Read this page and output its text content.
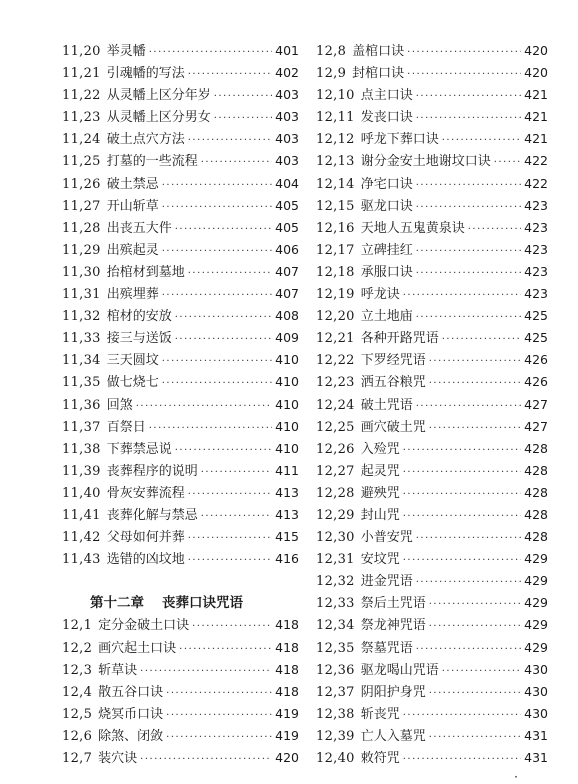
11,20 举灵幡 ·····	401
11,21 引魂幡的写法 ·····	402
11,22 从灵幡上区分年岁 ·····	403
11,23 从灵幡上区分男女 ·····	403
11,24 破土点穴方法 ·····	403
11,25 打墓的一些流程 ·····	403
11,26 破土禁忌 ·····	404
11,27 开山斩草 ·····	405
11,28 出丧五大件 ·····	405
11,29 出殡起灵 ·····	406
11,30 抬棺材到墓地 ·····	407
11,31 出殡埋葬 ·····	407
11,32 棺材的安放 ·····	408
11,33 接三与送饭 ·····	409
11,34 三天圆坟 ·····	410
11,35 做七烧七 ·····	410
11,36 回煞 ·····	410
11,37 百祭日 ·····	410
11,38 下葬禁忌说 ·····	410
11,39 丧葬程序的说明 ·····	411
11,40 骨灰安葬流程 ·····	413
11,41 丧葬化解与禁忌 ·····	413
11,42 父母如何并葬 ·····	415
11,43 选错的凶坟地 ·····	416
第十二章 丧葬口诀咒语
12,1 定分金破土口诀 ·····	418
12,2 画穴起土口诀 ·····	418
12,3 斩草诀 ·····	418
12,4 散五谷口诀 ·····	418
12,5 烧冥币口诀 ·····	419
12,6 除煞、闭敛 ·····	419
12,7 装穴诀 ·····	420
12,8 盖棺口诀 ·····	420
12,9 封棺口诀 ·····	420
12,10 点主口诀 ·····	421
12,11 发丧口诀 ·····	421
12,12 呼龙下葬口诀 ·····	421
12,13 谢分金安土地谢坟口诀 ·····	422
12,14 净宅口诀 ·····	422
12,15 驱龙口诀 ·····	423
12,16 天地人五鬼黄泉诀 ·····	423
12,17 立碑挂红 ·····	423
12,18 承服口诀 ·····	423
12,19 呼龙诀 ·····	423
12,20 立土地庙 ·····	425
12,21 各种开路咒语 ·····	425
12,22 下罗经咒语 ·····	426
12,23 洒五谷粮咒 ·····	426
12,24 破土咒语 ·····	427
12,25 画穴破土咒 ·····	427
12,26 入殓咒 ·····	428
12,27 起灵咒 ·····	428
12,28 避殃咒 ·····	428
12,29 封山咒 ·····	428
12,30 小普安咒 ·····	428
12,31 安坟咒 ·····	429
12,32 进金咒语 ·····	429
12,33 祭后土咒语 ·····	429
12,34 祭龙神咒语 ·····	429
12,35 祭墓咒语 ·····	429
12,36 驱龙喝山咒语 ·····	430
12,37 阴阳护身咒 ·····	430
12,38 斩丧咒 ·····	430
12,39 亡人入墓咒 ·····	431
12,40 敕符咒 ·····	431
·
